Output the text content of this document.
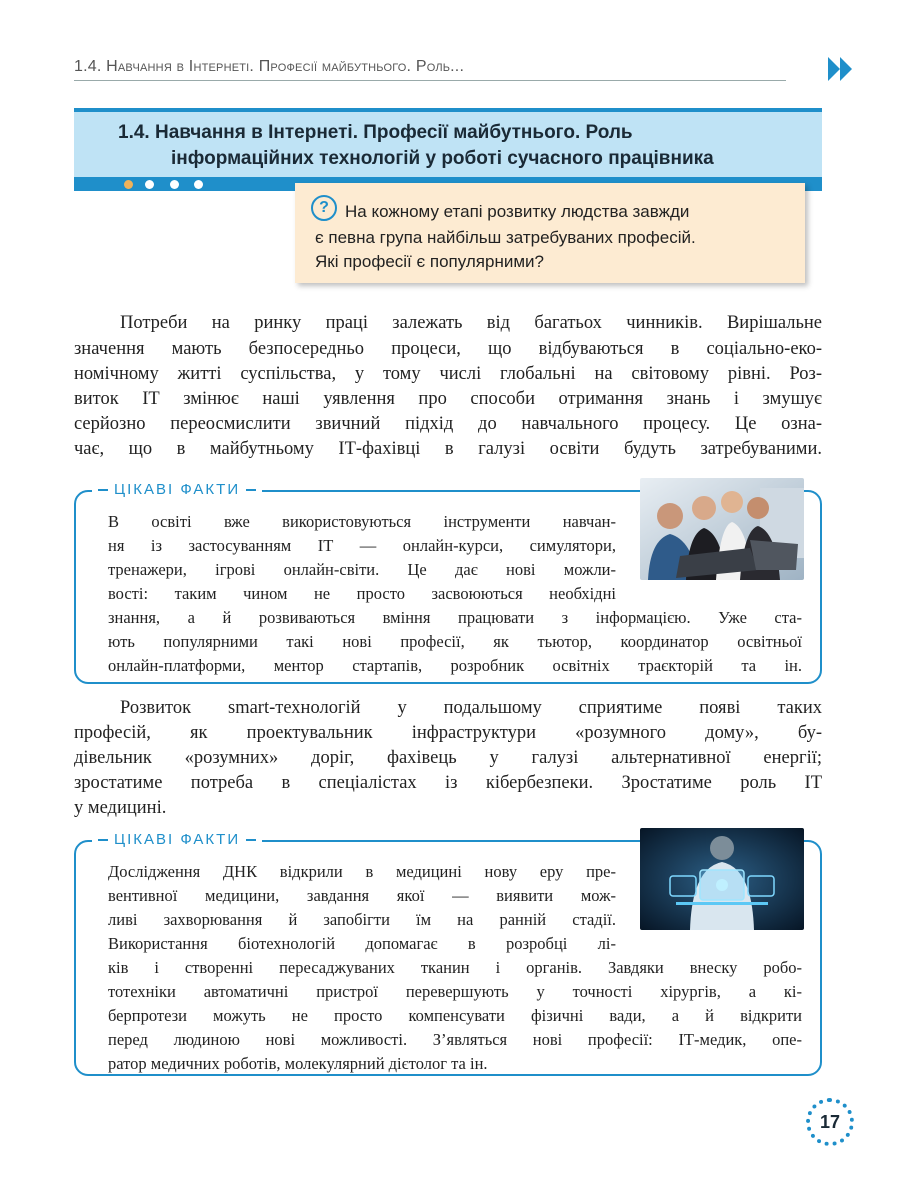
1.4. Навчання в Інтернеті. Професії майбутнього. Роль...
1.4. Навчання в Інтернеті. Професії майбутнього. Роль
інформаційних технологій у роботі сучасного працівника
? На кожному етапі розвитку людства завжди
є певна група найбільш затребуваних професій.
Які професії є популярними?
Потреби на ринку праці залежать від багатьох чинників. Вирішальне
значення мають безпосередньо процеси, що відбуваються в соціально-еко-
номічному житті суспільства, у тому числі глобальні на світовому рівні. Роз-
виток ІТ змінює наші уявлення про способи отримання знань і змушує
серйозно переосмислити звичний підхід до навчального процесу. Це озна-
чає, що в майбутньому ІТ-фахівці в галузі освіти будуть затребуваними.
ЦІКАВІ ФАКТИ
В освіті вже використовуються інструменти навчан-
ня із застосуванням ІТ — онлайн-курси, симулятори,
тренажери, ігрові онлайн-світи. Це дає нові можли-
вості: таким чином не просто засвоюються необхідні
знання, а й розвиваються вміння працювати з інформацією. Уже ста-
ють популярними такі нові професії, як тьютор, координатор освітньої
онлайн-платформи, ментор стартапів, розробник освітніх траєкторій та ін.
Розвиток smart-технологій у подальшому сприятиме появі таких
професій, як проектувальник інфраструктури «розумного дому», бу-
дівельник «розумних» доріг, фахівець у галузі альтернативної енергії;
зростатиме потреба в спеціалістах із кібербезпеки. Зростатиме роль ІТ
у медицині.
ЦІКАВІ ФАКТИ
Дослідження ДНК відкрили в медицині нову еру пре-
вентивної медицини, завдання якої — виявити мож-
ливі захворювання й запобігти їм на ранній стадії.
Використання біотехнологій допомагає в розробці лі-
ків і створенні пересаджуваних тканин і органів. Завдяки внеску робо-
тотехніки автоматичні пристрої перевершують у точності хірургів, а кі-
берпротези можуть не просто компенсувати фізичні вади, а й відкрити
перед людиною нові можливості. З’являться нові професії: ІТ-медик, опе-
ратор медичних роботів, молекулярний дієтолог та ін.
17
